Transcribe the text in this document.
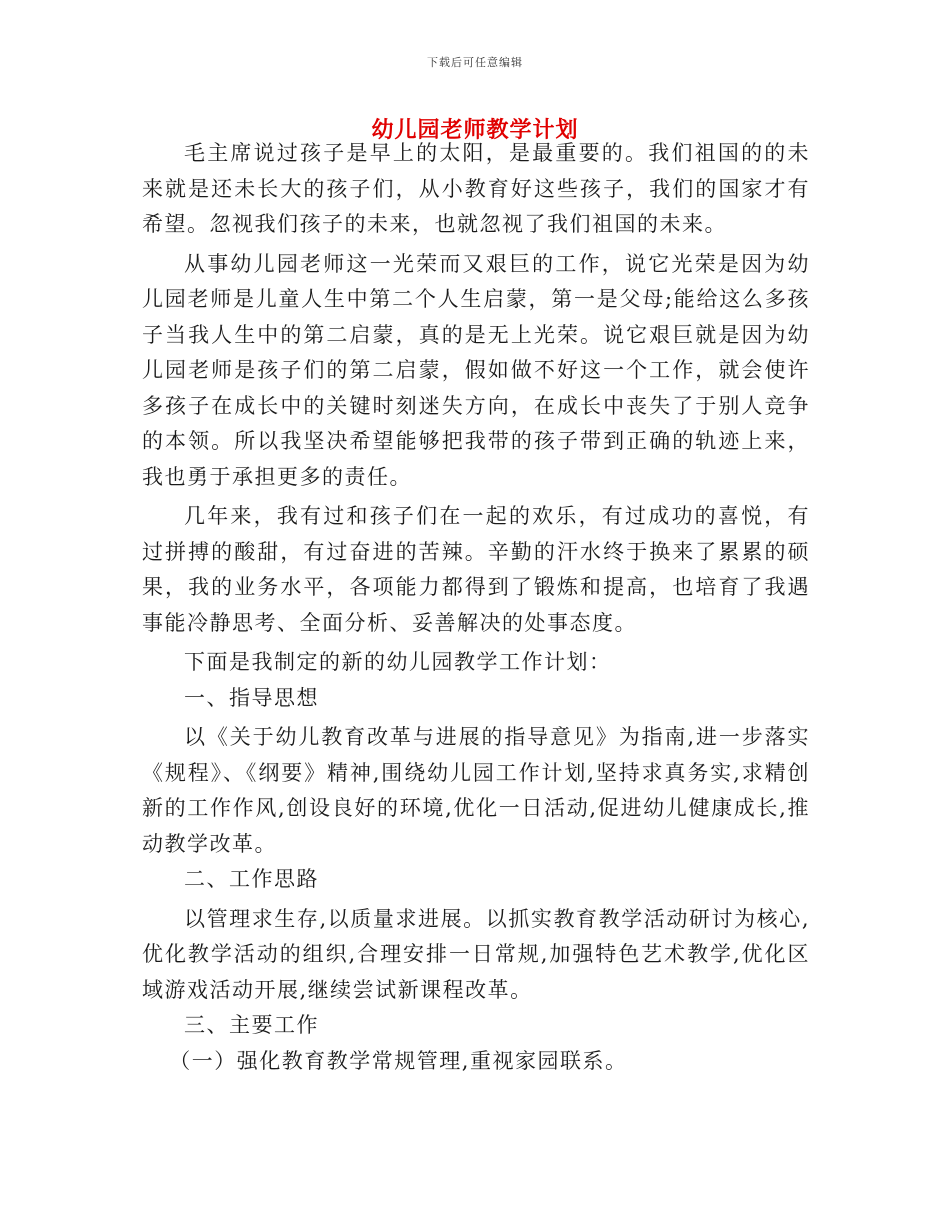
下载后可任意编辑
幼儿园老师教学计划

毛主席说过孩子是早上的太阳，是最重要的。我们祖国的的未来就是还未长大的孩子们，从小教育好这些孩子，我们的国家才有希望。忽视我们孩子的未来，也就忽视了我们祖国的未来。

从事幼儿园老师这一光荣而又艰巨的工作，说它光荣是因为幼儿园老师是儿童人生中第二个人生启蒙，第一是父母;能给这么多孩子当我人生中的第二启蒙，真的是无上光荣。说它艰巨就是因为幼儿园老师是孩子们的第二启蒙，假如做不好这一个工作，就会使许多孩子在成长中的关键时刻迷失方向，在成长中丧失了于别人竞争的本领。所以我坚决希望能够把我带的孩子带到正确的轨迹上来，我也勇于承担更多的责任。

几年来，我有过和孩子们在一起的欢乐，有过成功的喜悦，有过拼搏的酸甜，有过奋进的苦辣。辛勤的汗水终于换来了累累的硕果，我的业务水平，各项能力都得到了锻炼和提高，也培育了我遇事能冷静思考、全面分析、妥善解决的处事态度。

下面是我制定的新的幼儿园教学工作计划：

一、指导思想

以《关于幼儿教育改革与进展的指导意见》为指南,进一步落实《规程》、《纲要》精神,围绕幼儿园工作计划,坚持求真务实,求精创新的工作作风,创设良好的环境,优化一日活动,促进幼儿健康成长,推动教学改革。

二、工作思路

以管理求生存,以质量求进展。以抓实教育教学活动研讨为核心,优化教学活动的组织,合理安排一日常规,加强特色艺术教学,优化区域游戏活动开展,继续尝试新课程改革。

三、主要工作

（一）强化教育教学常规管理,重视家园联系。
